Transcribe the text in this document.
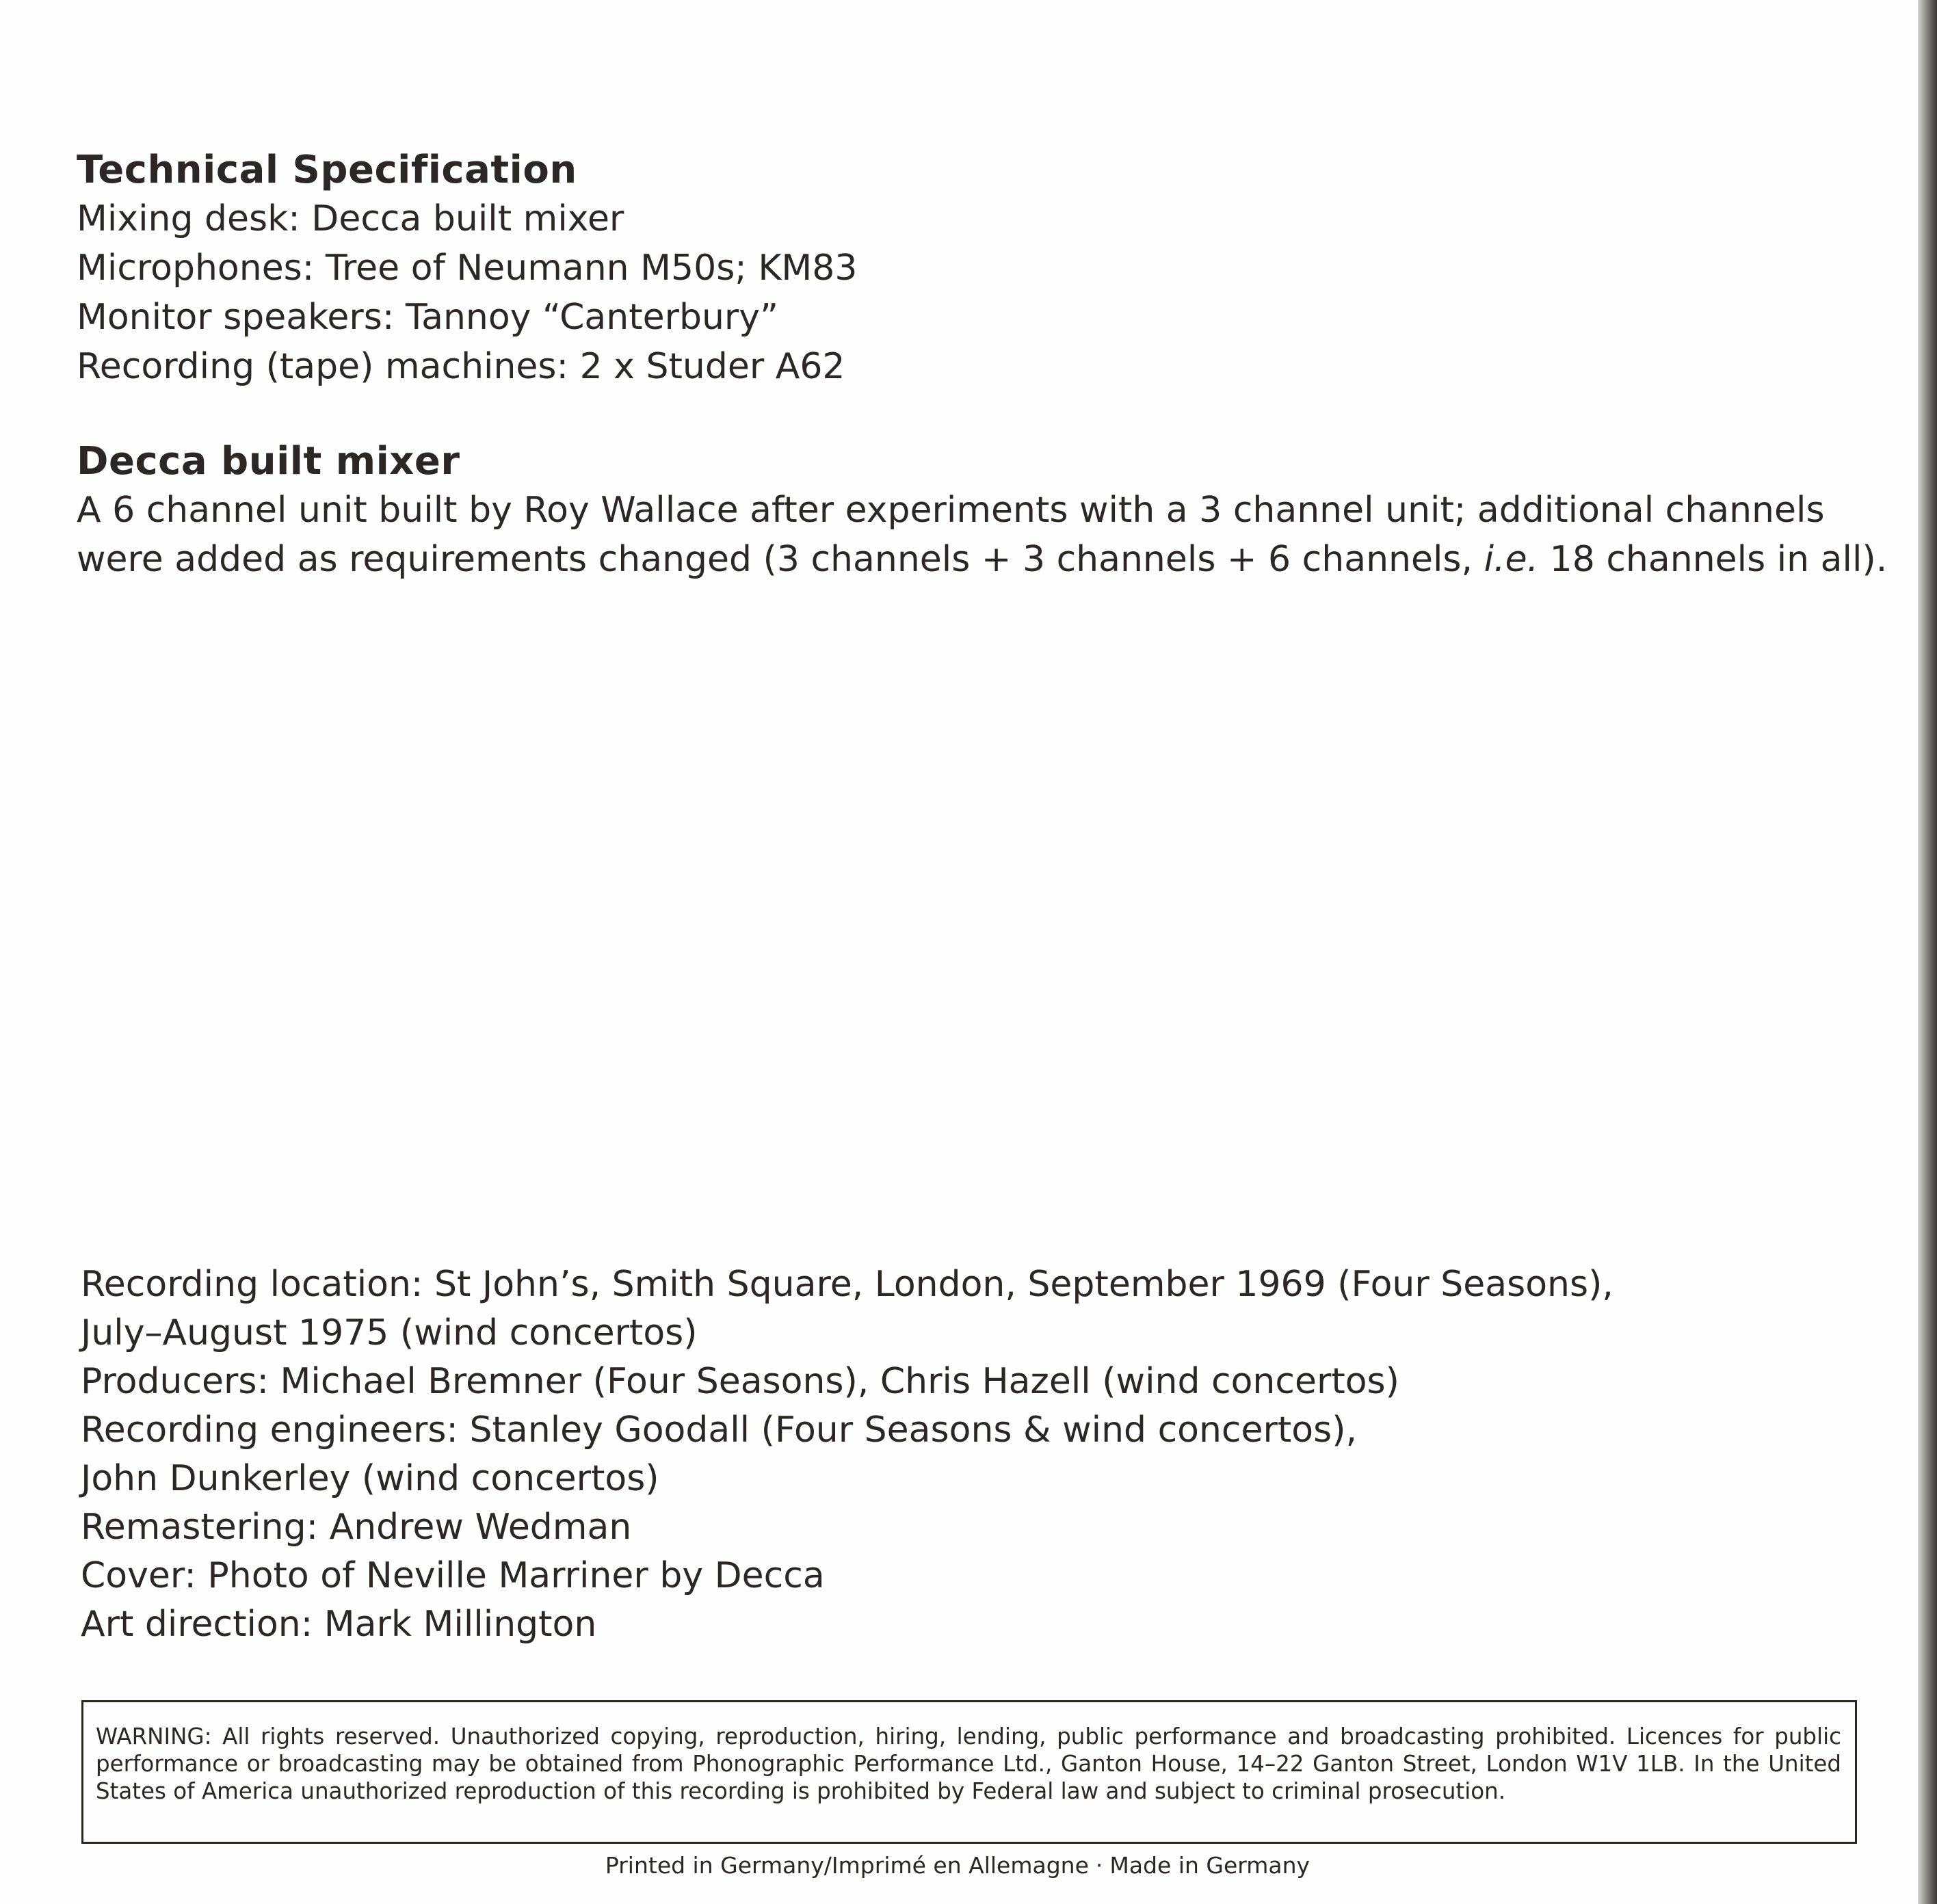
Technical Specification

Mixing desk: Decca built mixer

Microphones: Tree of Neumann M50s; KM83

Monitor speakers: Tannoy “Canterbury”

Recording (tape) machines: 2 x Studer A62

Decca built mixer

A 6 channel unit built by Roy Wallace after experiments with a 3 channel unit; additional channels

were added as requirements changed (3 channels + 3 channels + 6 channels, i.e. 18 channels in all).

Recording location: St John’s, Smith Square, London, September 1969 (Four Seasons),

July–August 1975 (wind concertos)

Producers: Michael Bremner (Four Seasons), Chris Hazell (wind concertos)

Recording engineers: Stanley Goodall (Four Seasons & wind concertos),

John Dunkerley (wind concertos)

Remastering: Andrew Wedman

Cover: Photo of Neville Marriner by Decca

Art direction: Mark Millington

WARNING: All rights reserved. Unauthorized copying, reproduction, hiring, lending, public performance and broadcasting prohibited. Licences for public performance or broadcasting may be obtained from Phonographic Performance Ltd., Ganton House, 14–22 Ganton Street, London W1V 1LB. In the United States of America unauthorized reproduction of this recording is prohibited by Federal law and subject to criminal prosecution.

Printed in Germany/Imprimé en Allemagne · Made in Germany
